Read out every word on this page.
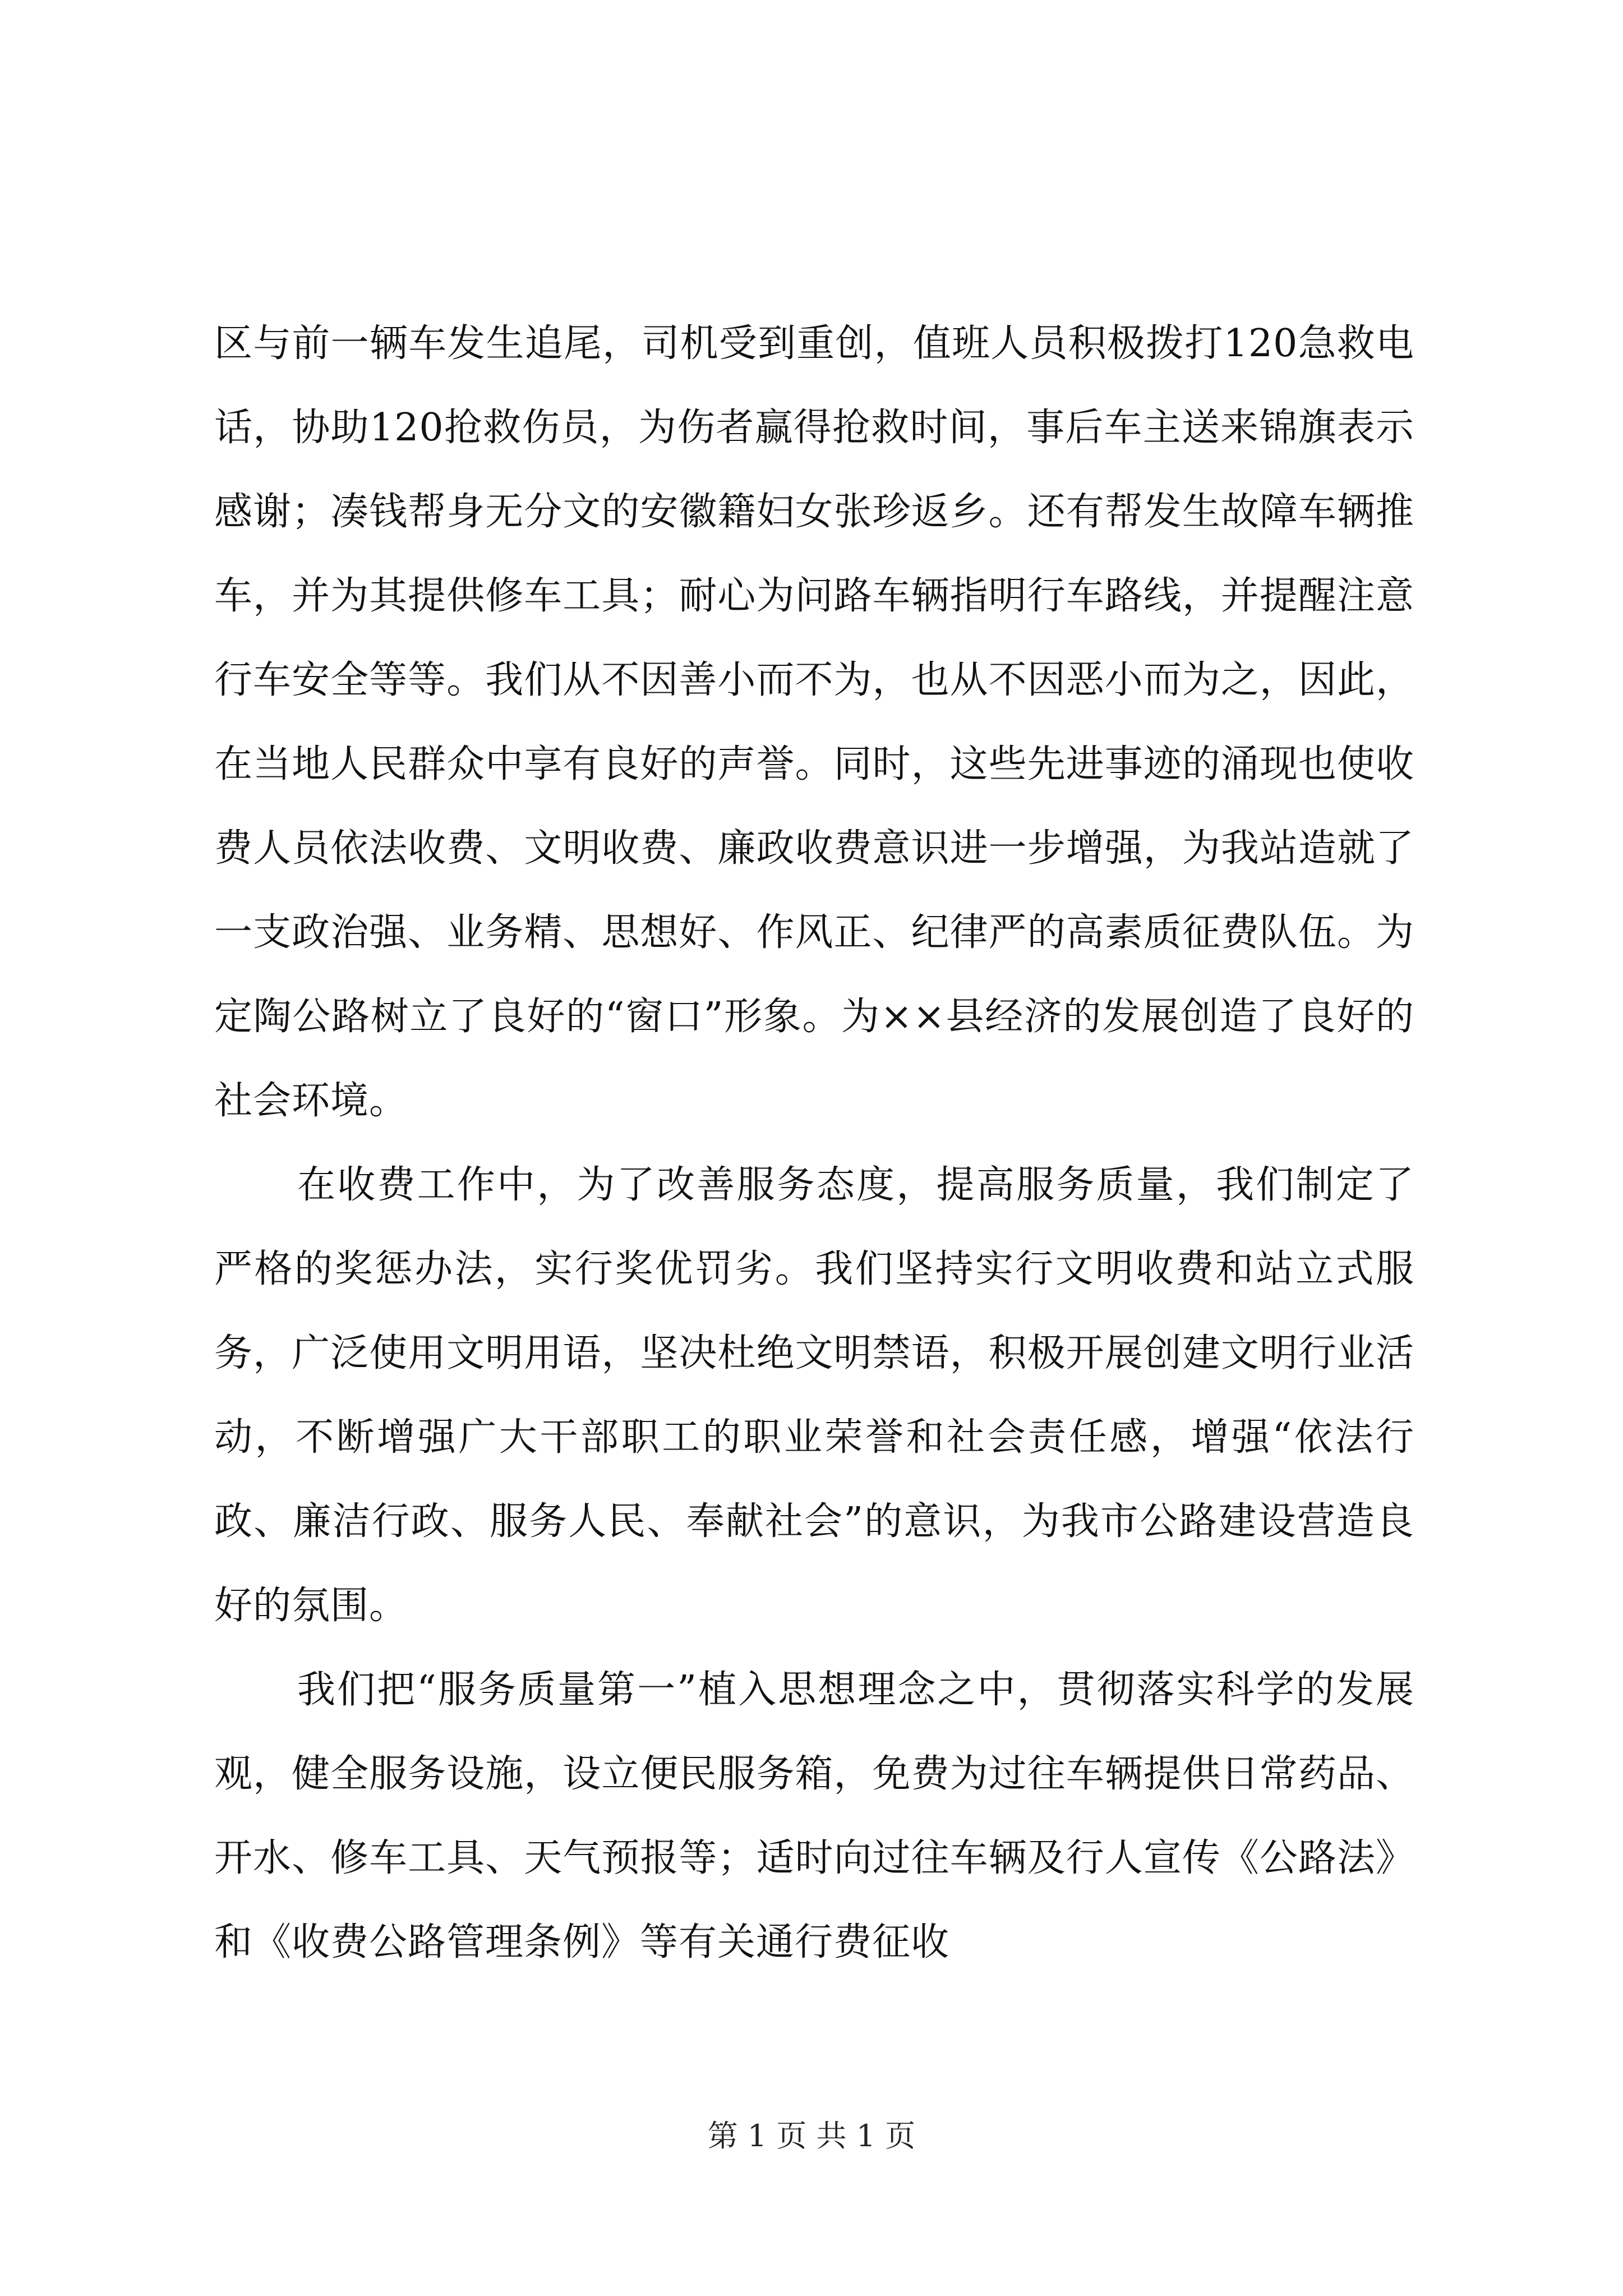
区与前一辆车发生追尾，司机受到重创，值班人员积极拨打120急救电话，协助120抢救伤员，为伤者赢得抢救时间，事后车主送来锦旗表示感谢；凑钱帮身无分文的安徽籍妇女张珍返乡。还有帮发生故障车辆推车，并为其提供修车工具；耐心为问路车辆指明行车路线，并提醒注意行车安全等等。我们从不因善小而不为，也从不因恶小而为之，因此，在当地人民群众中享有良好的声誉。同时，这些先进事迹的涌现也使收费人员依法收费、文明收费、廉政收费意识进一步增强，为我站造就了一支政治强、业务精、思想好、作风正、纪律严的高素质征费队伍。为定陶公路树立了良好的“窗口”形象。为××县经济的发展创造了良好的社会环境。

在收费工作中，为了改善服务态度，提高服务质量，我们制定了严格的奖惩办法，实行奖优罚劣。我们坚持实行文明收费和站立式服务，广泛使用文明用语，坚决杜绝文明禁语，积极开展创建文明行业活动，不断增强广大干部职工的职业荣誉和社会责任感，增强“依法行政、廉洁行政、服务人民、奉献社会”的意识，为我市公路建设营造良好的氛围。

我们把“服务质量第一”植入思想理念之中，贯彻落实科学的发展观，健全服务设施，设立便民服务箱，免费为过往车辆提供日常药品、开水、修车工具、天气预报等；适时向过往车辆及行人宣传《公路法》和《收费公路管理条例》等有关通行费征收

第 1 页 共 1 页
